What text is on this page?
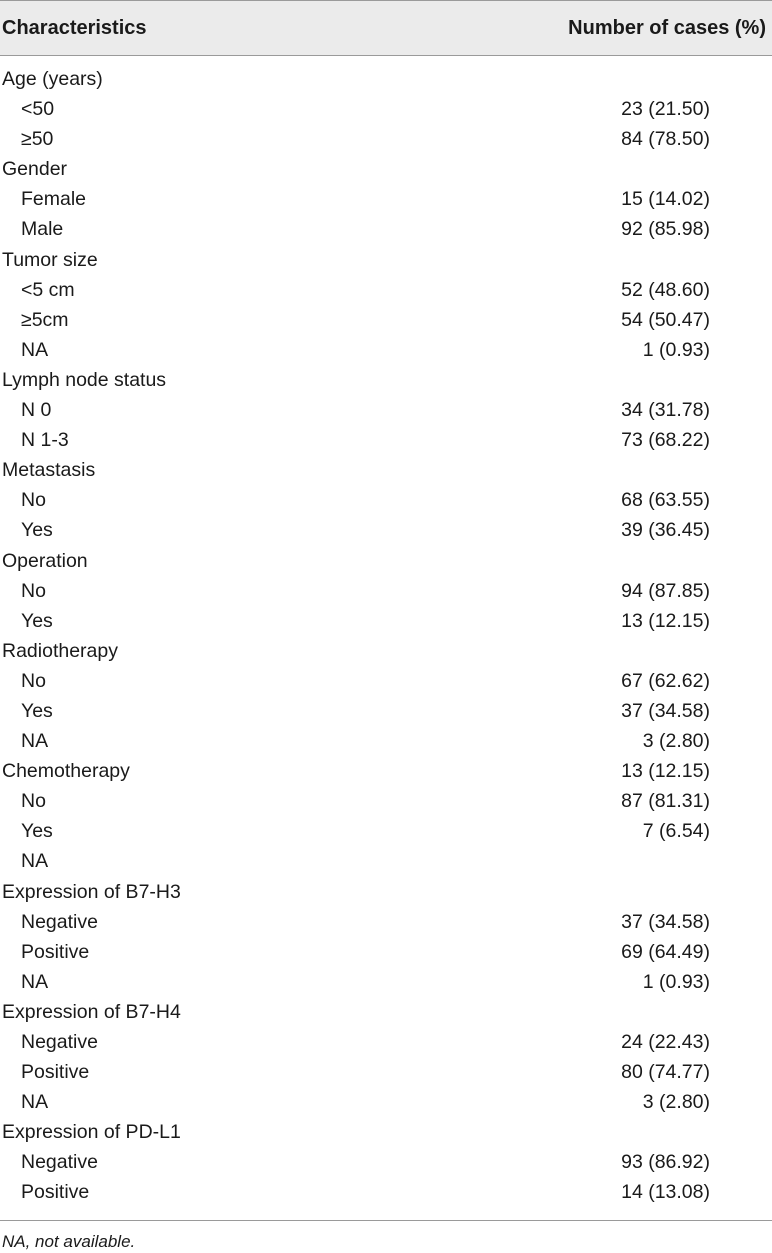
Characteristics	Number of cases (%)
Age (years)
<50	23 (21.50)
≥50	84 (78.50)
Gender
Female	15 (14.02)
Male	92 (85.98)
Tumor size
<5 cm	52 (48.60)
≥5cm	54 (50.47)
NA	1 (0.93)
Lymph node status
N 0	34 (31.78)
N 1-3	73 (68.22)
Metastasis
No	68 (63.55)
Yes	39 (36.45)
Operation
No	94 (87.85)
Yes	13 (12.15)
Radiotherapy
No	67 (62.62)
Yes	37 (34.58)
NA	3 (2.80)
Chemotherapy	13 (12.15)
No	87 (81.31)
Yes	7 (6.54)
NA
Expression of B7-H3
Negative	37 (34.58)
Positive	69 (64.49)
NA	1 (0.93)
Expression of B7-H4
Negative	24 (22.43)
Positive	80 (74.77)
NA	3 (2.80)
Expression of PD-L1
Negative	93 (86.92)
Positive	14 (13.08)
NA, not available.
